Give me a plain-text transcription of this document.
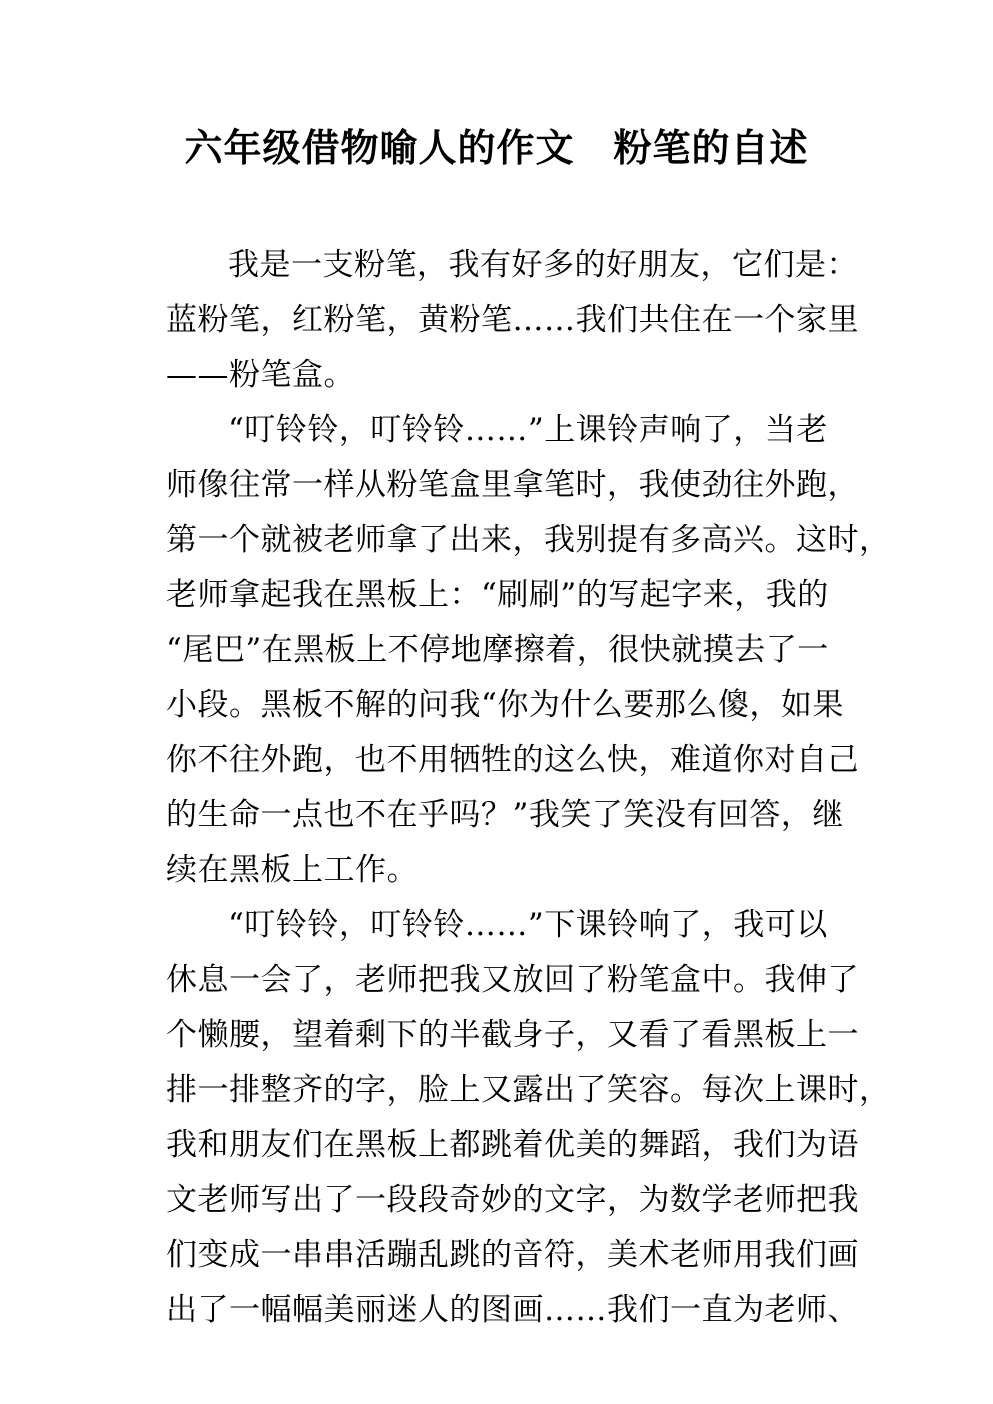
六年级借物喻人的作文　粉笔的自述
我是一支粉笔，我有好多的好朋友，它们是：
蓝粉笔，红粉笔，黄粉笔……我们共住在一个家里
——粉笔盒。
“叮铃铃，叮铃铃……”上课铃声响了，当老
师像往常一样从粉笔盒里拿笔时，我使劲往外跑，
第一个就被老师拿了出来，我别提有多高兴。这时，
老师拿起我在黑板上：“刷刷”的写起字来，我的
“尾巴”在黑板上不停地摩擦着，很快就摸去了一
小段。黑板不解的问我“你为什么要那么傻，如果
你不往外跑，也不用牺牲的这么快，难道你对自己
的生命一点也不在乎吗？”我笑了笑没有回答，继
续在黑板上工作。
“叮铃铃，叮铃铃……”下课铃响了，我可以
休息一会了，老师把我又放回了粉笔盒中。我伸了
个懒腰，望着剩下的半截身子，又看了看黑板上一
排一排整齐的字，脸上又露出了笑容。每次上课时，
我和朋友们在黑板上都跳着优美的舞蹈，我们为语
文老师写出了一段段奇妙的文字，为数学老师把我
们变成一串串活蹦乱跳的音符，美术老师用我们画
出了一幅幅美丽迷人的图画……我们一直为老师、
